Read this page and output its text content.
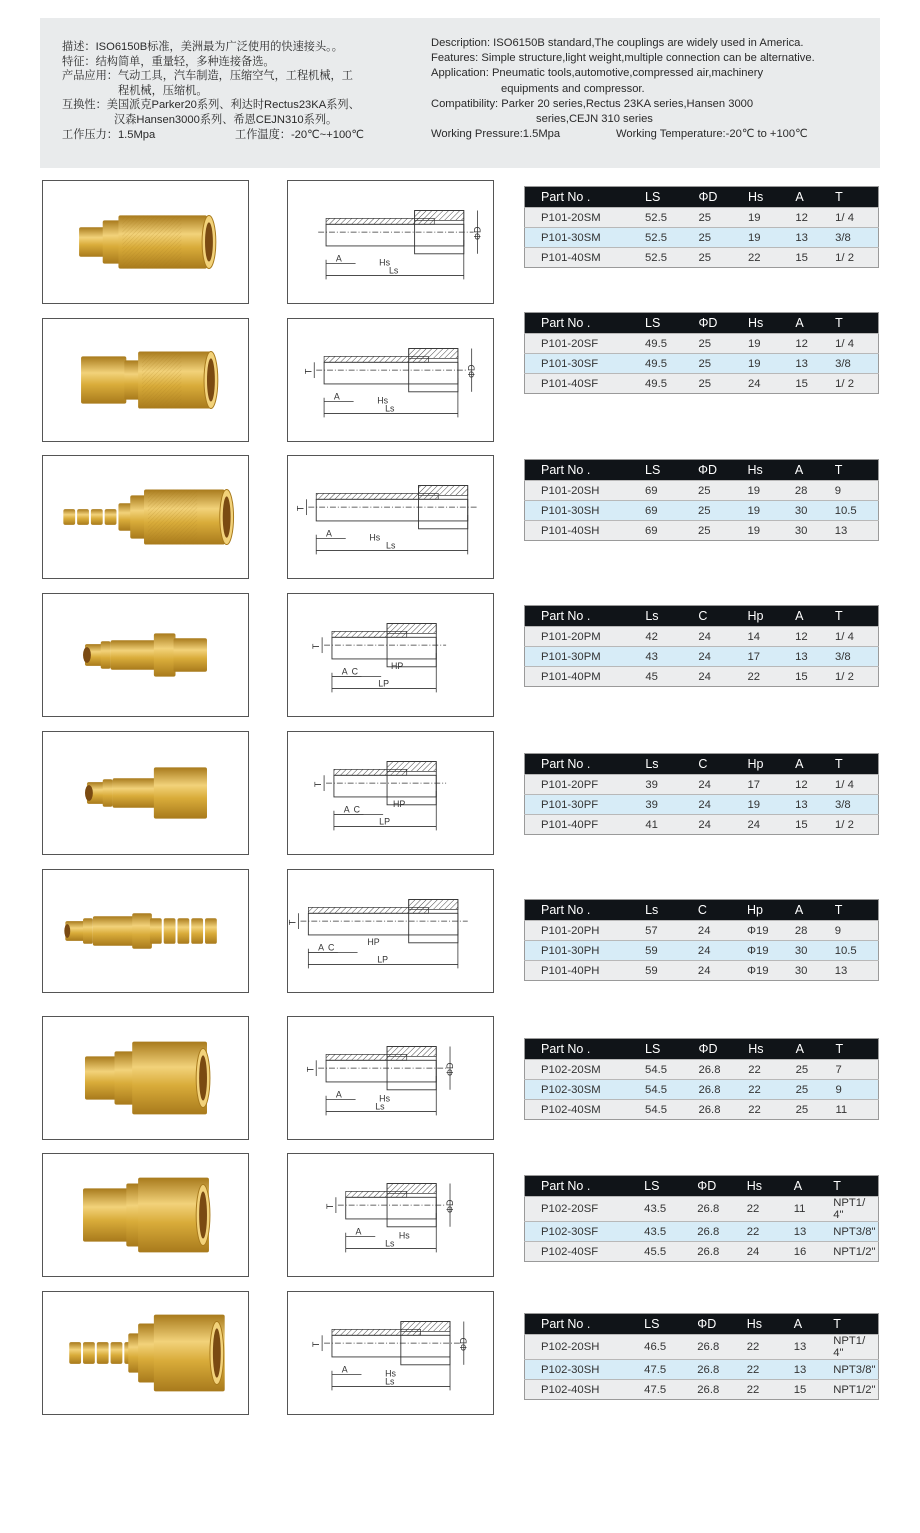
描述：ISO6150B标准，美洲最为广泛使用的快速接头。。
特征：结构简单，重量轻，多种连接备选。
产品应用：气动工具，汽车制造，压缩空气，工程机械，工
程机械，压缩机。
互换性：美国派克Parker20系列、利达时Rectus23KA系列、
汉森Hansen3000系列、希恩CEJN310系列。
工作压力：1.5Mpa	工作温度：-20℃~+100℃
Description: ISO6150B standard,The couplings are widely used in America.
Features: Simple structure,light weight,multiple connection can be alternative.
Application: Pneumatic tools,automotive,compressed air,machinery
equipments and compressor.
Compatibility: Parker 20 series,Rectus 23KA series,Hansen 3000
series,CEJN 310 series
Working Pressure:1.5Mpa	Working Temperature:-20℃ to +100℃
Ls
A	Hs
ΦD
Part No .	LS	ΦD	Hs	A	T
P101-20SM	52.5	25	19	12	1/ 4
P101-30SM	52.5	25	19	13	3/8
P101-40SM	52.5	25	22	15	1/ 2
Ls
A	Hs
ΦD
T
Part No .	LS	ΦD	Hs	A	T
P101-20SF	49.5	25	19	12	1/ 4
P101-30SF	49.5	25	19	13	3/8
P101-40SF	49.5	25	24	15	1/ 2
Ls
A	Hs
T
Part No .	LS	ΦD	Hs	A	T
P101-20SH	69	25	19	28	9
P101-30SH	69	25	19	30	10.5
P101-40SH	69	25	19	30	13
LP
A C
HP
T
Part No .	Ls	C	Hp	A	T
P101-20PM	42	24	14	12	1/ 4
P101-30PM	43	24	17	13	3/8
P101-40PM	45	24	22	15	1/ 2
LP
A C
HP
T
Part No .	Ls	C	Hp	A	T
P101-20PF	39	24	17	12	1/ 4
P101-30PF	39	24	19	13	3/8
P101-40PF	41	24	24	15	1/ 2
LP
A C
HP
T
Part No .	Ls	C	Hp	A	T
P101-20PH	57	24	Φ19	28	9
P101-30PH	59	24	Φ19	30	10.5
P101-40PH	59	24	Φ19	30	13
Ls
A	Hs
ΦD
T
Part No .	LS	ΦD	Hs	A	T
P102-20SM	54.5	26.8	22	25	7
P102-30SM	54.5	26.8	22	25	9
P102-40SM	54.5	26.8	22	25	11
Ls
A	Hs
ΦD
T
Part No .	LS	ΦD	Hs	A	T
P102-20SF	43.5	26.8	22	11	NPT1/ 4"
P102-30SF	43.5	26.8	22	13	NPT3/8"
P102-40SF	45.5	26.8	24	16	NPT1/2"
Ls
A	Hs
ΦD
T
Part No .	LS	ΦD	Hs	A	T
P102-20SH	46.5	26.8	22	13	NPT1/ 4"
P102-30SH	47.5	26.8	22	13	NPT3/8"
P102-40SH	47.5	26.8	22	15	NPT1/2"
